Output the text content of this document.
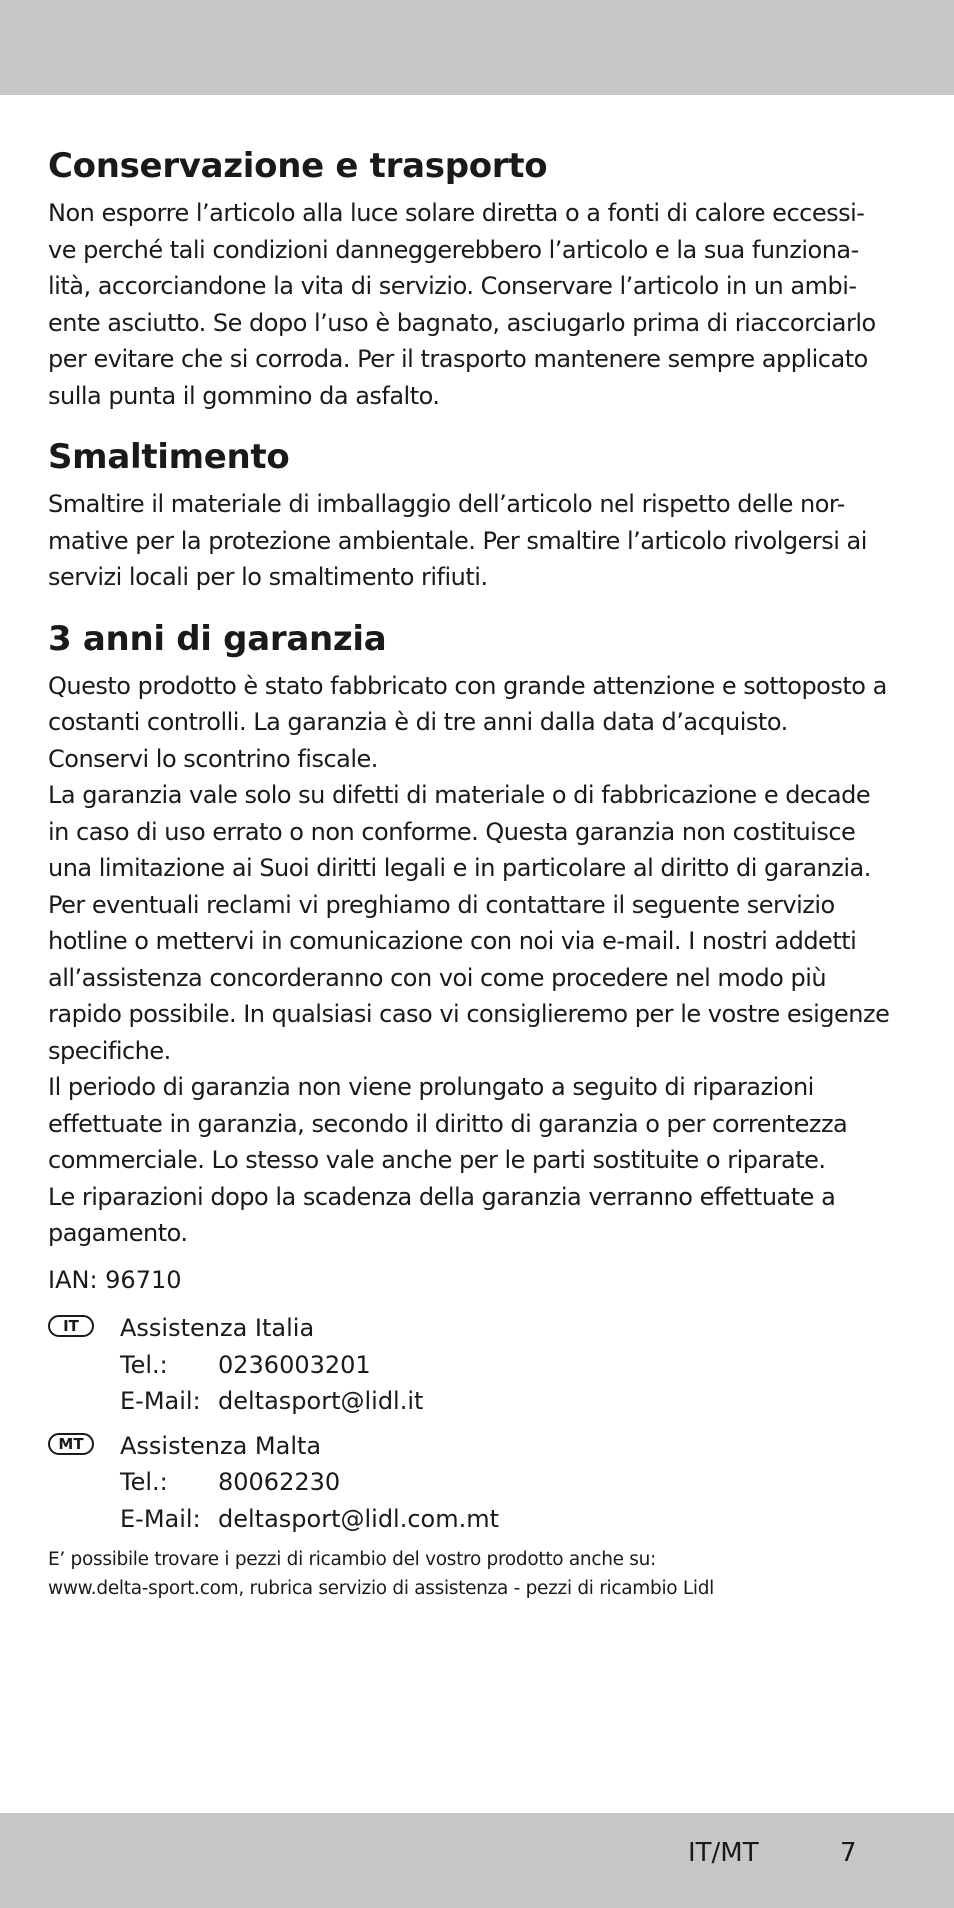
Conservazione e trasporto
Non esporre l’articolo alla luce solare diretta o a fonti di calore eccessi-
ve perché tali condizioni danneggerebbero l’articolo e la sua funziona-
lità, accorciandone la vita di servizio. Conservare l’articolo in un ambi-
ente asciutto. Se dopo l’uso è bagnato, asciugarlo prima di riaccorciarlo
per evitare che si corroda. Per il trasporto mantenere sempre applicato
sulla punta il gommino da asfalto.
Smaltimento
Smaltire il materiale di imballaggio dell’articolo nel rispetto delle nor-
mative per la protezione ambientale. Per smaltire l’articolo rivolgersi ai
servizi locali per lo smaltimento rifiuti.
3 anni di garanzia
Questo prodotto è stato fabbricato con grande attenzione e sottoposto a
costanti controlli. La garanzia è di tre anni dalla data d’acquisto.
Conservi lo scontrino fiscale.
La garanzia vale solo su difetti di materiale o di fabbricazione e decade
in caso di uso errato o non conforme. Questa garanzia non costituisce
una limitazione ai Suoi diritti legali e in particolare al diritto di garanzia.
Per eventuali reclami vi preghiamo di contattare il seguente servizio
hotline o mettervi in comunicazione con noi via e-mail. I nostri addetti
all’assistenza concorderanno con voi come procedere nel modo più
rapido possibile. In qualsiasi caso vi consiglieremo per le vostre esigenze
specifiche.
Il periodo di garanzia non viene prolungato a seguito di riparazioni
effettuate in garanzia, secondo il diritto di garanzia o per correntezza
commerciale. Lo stesso vale anche per le parti sostituite o riparate.
Le riparazioni dopo la scadenza della garanzia verranno effettuate a
pagamento.
IAN: 96710
IT	Assistenza Italia
Tel.:	0236003201
E-Mail: deltasport@lidl.it
MT	Assistenza Malta
Tel.:	80062230
E-Mail: deltasport@lidl.com.mt
E’ possibile trovare i pezzi di ricambio del vostro prodotto anche su:
www.delta-sport.com, rubrica servizio di assistenza - pezzi di ricambio Lidl
IT/MT	7
